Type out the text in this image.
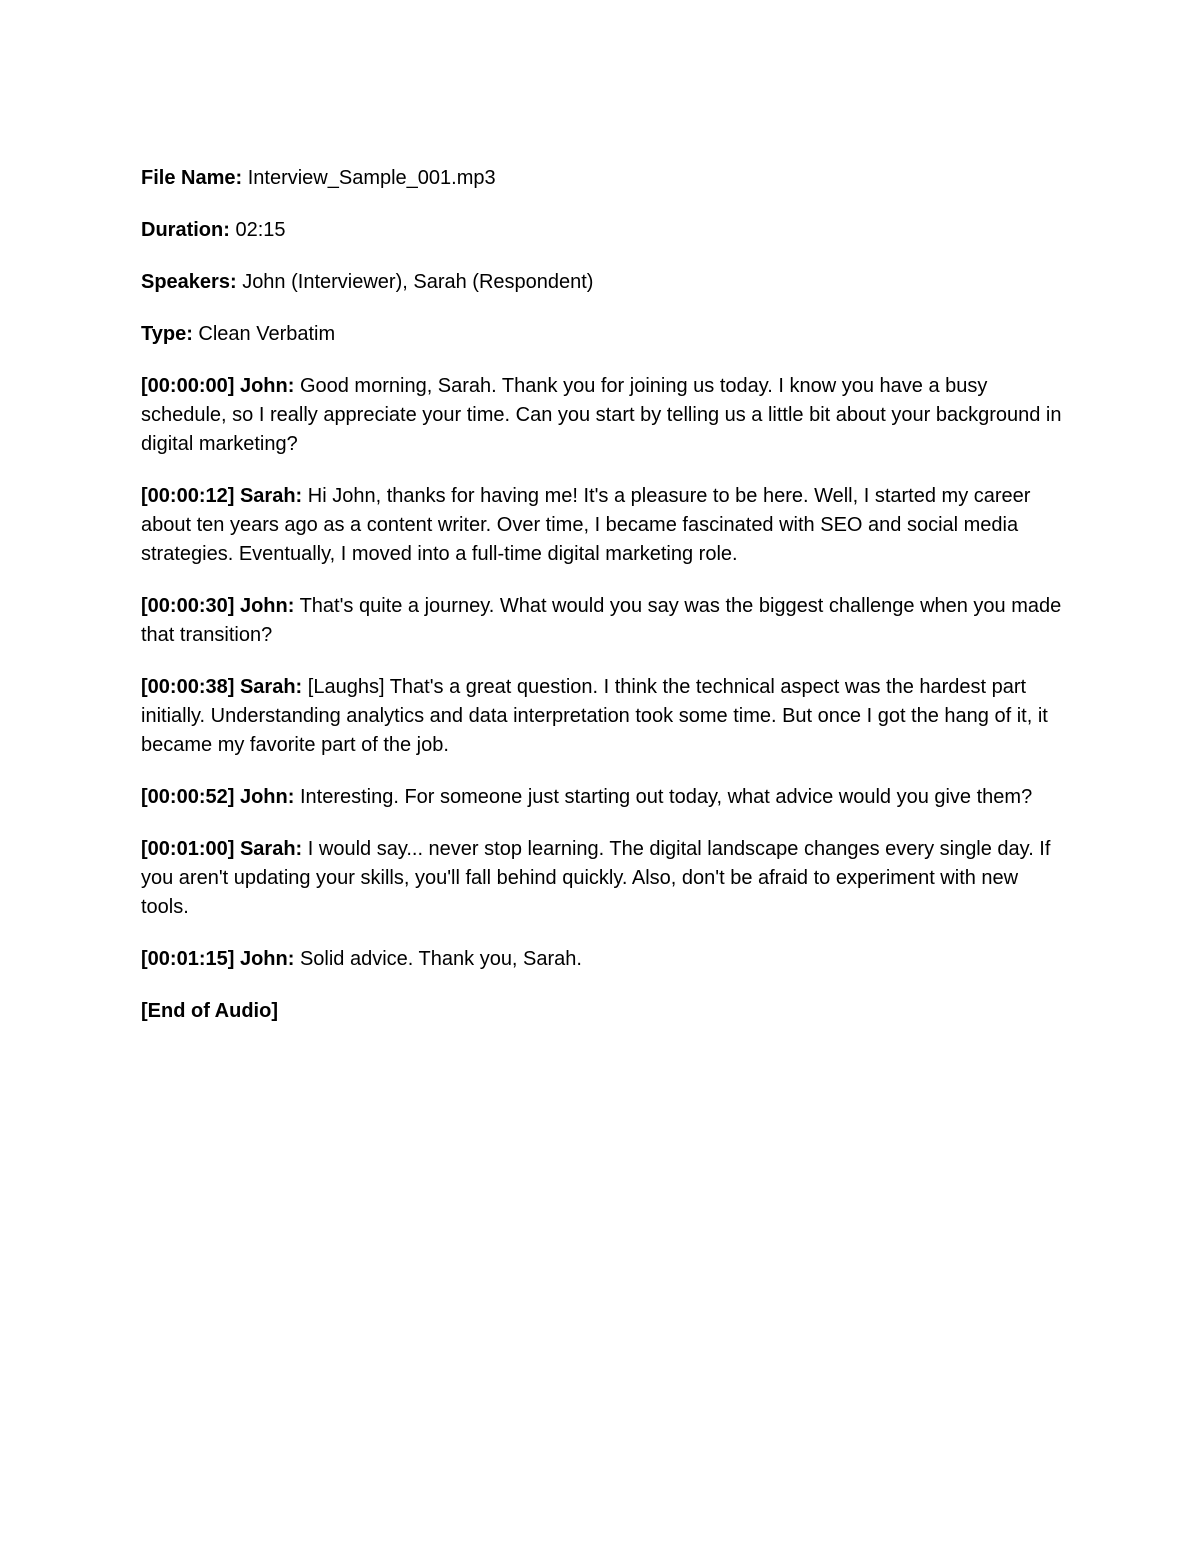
File Name: Interview_Sample_001.mp3
Duration: 02:15
Speakers: John (Interviewer), Sarah (Respondent)
Type: Clean Verbatim

[00:00:00] John: Good morning, Sarah. Thank you for joining us today. I know you have a busy schedule, so I really appreciate your time. Can you start by telling us a little bit about your background in digital marketing?

[00:00:12] Sarah: Hi John, thanks for having me! It's a pleasure to be here. Well, I started my career about ten years ago as a content writer. Over time, I became fascinated with SEO and social media strategies. Eventually, I moved into a full-time digital marketing role.

[00:00:30] John: That's quite a journey. What would you say was the biggest challenge when you made that transition?

[00:00:38] Sarah: [Laughs] That's a great question. I think the technical aspect was the hardest part initially. Understanding analytics and data interpretation took some time. But once I got the hang of it, it became my favorite part of the job.

[00:00:52] John: Interesting. For someone just starting out today, what advice would you give them?

[00:01:00] Sarah: I would say... never stop learning. The digital landscape changes every single day. If you aren't updating your skills, you'll fall behind quickly. Also, don't be afraid to experiment with new tools.

[00:01:15] John: Solid advice. Thank you, Sarah.

[End of Audio]
